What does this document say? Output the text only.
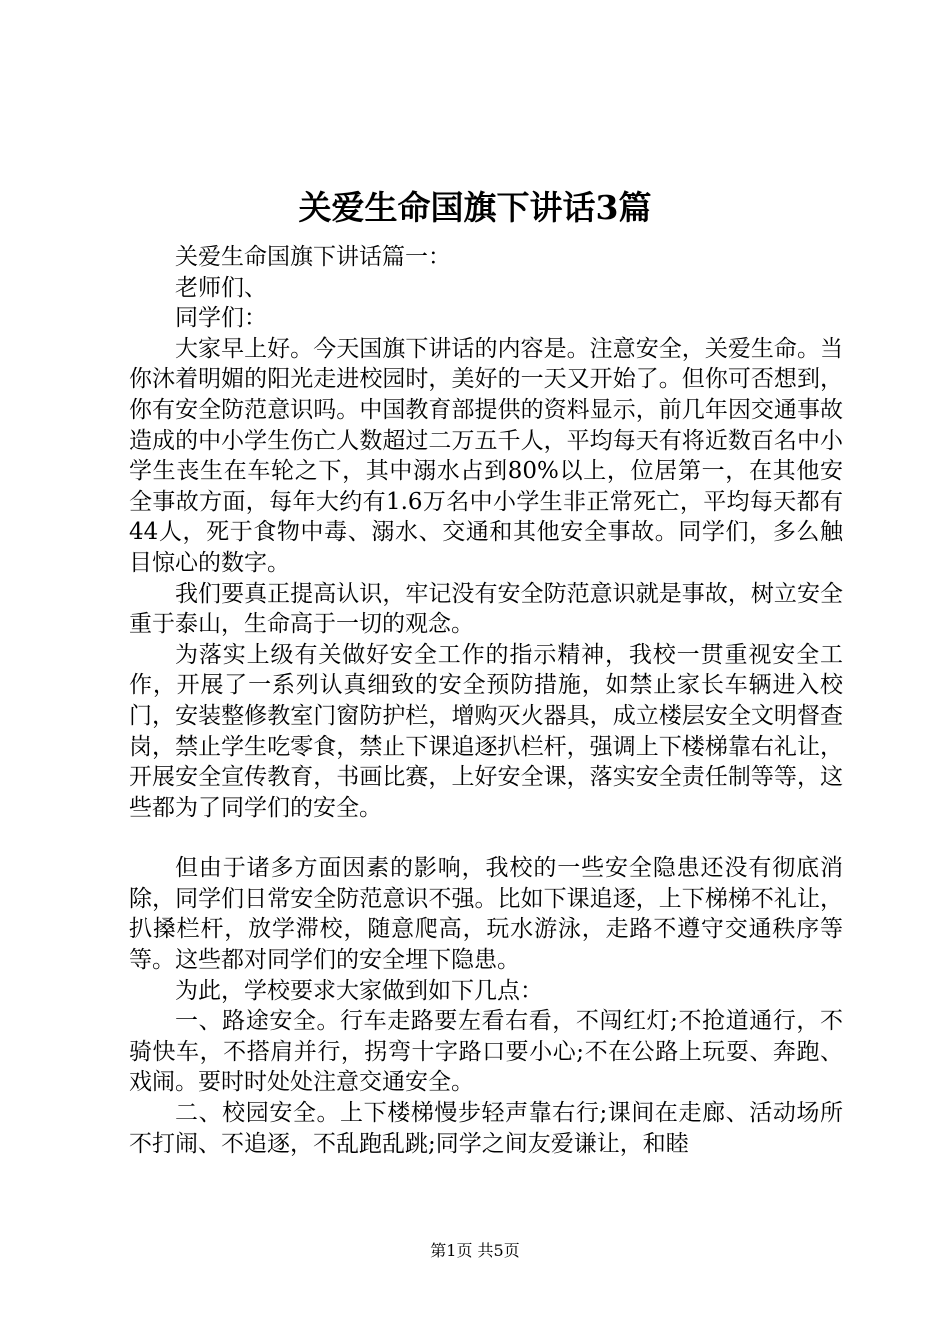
关爱生命国旗下讲话3篇

关爱生命国旗下讲话篇一：

老师们、

同学们：

大家早上好。今天国旗下讲话的内容是。注意安全，关爱生命。当你沐着明媚的阳光走进校园时，美好的一天又开始了。但你可否想到，你有安全防范意识吗。中国教育部提供的资料显示，前几年因交通事故造成的中小学生伤亡人数超过二万五千人，平均每天有将近数百名中小学生丧生在车轮之下，其中溺水占到80%以上，位居第一，在其他安全事故方面，每年大约有1.6万名中小学生非正常死亡，平均每天都有44人，死于食物中毒、溺水、交通和其他安全事故。同学们，多么触目惊心的数字。

我们要真正提高认识，牢记没有安全防范意识就是事故，树立安全重于泰山，生命高于一切的观念。

为落实上级有关做好安全工作的指示精神，我校一贯重视安全工作，开展了一系列认真细致的安全预防措施，如禁止家长车辆进入校门，安装整修教室门窗防护栏，增购灭火器具，成立楼层安全文明督查岗，禁止学生吃零食，禁止下课追逐扒栏杆，强调上下楼梯靠右礼让，开展安全宣传教育，书画比赛，上好安全课，落实安全责任制等等，这些都为了同学们的安全。

但由于诸多方面因素的影响，我校的一些安全隐患还没有彻底消除，同学们日常安全防范意识不强。比如下课追逐，上下梯梯不礼让，扒搡栏杆，放学滞校，随意爬高，玩水游泳，走路不遵守交通秩序等等。这些都对同学们的安全埋下隐患。

为此，学校要求大家做到如下几点：

一、路途安全。行车走路要左看右看，不闯红灯;不抢道通行，不骑快车，不搭肩并行，拐弯十字路口要小心;不在公路上玩耍、奔跑、戏闹。要时时处处注意交通安全。

二、校园安全。上下楼梯慢步轻声靠右行;课间在走廊、活动场所不打闹、不追逐，不乱跑乱跳;同学之间友爱谦让，和睦

第1页 共5页
